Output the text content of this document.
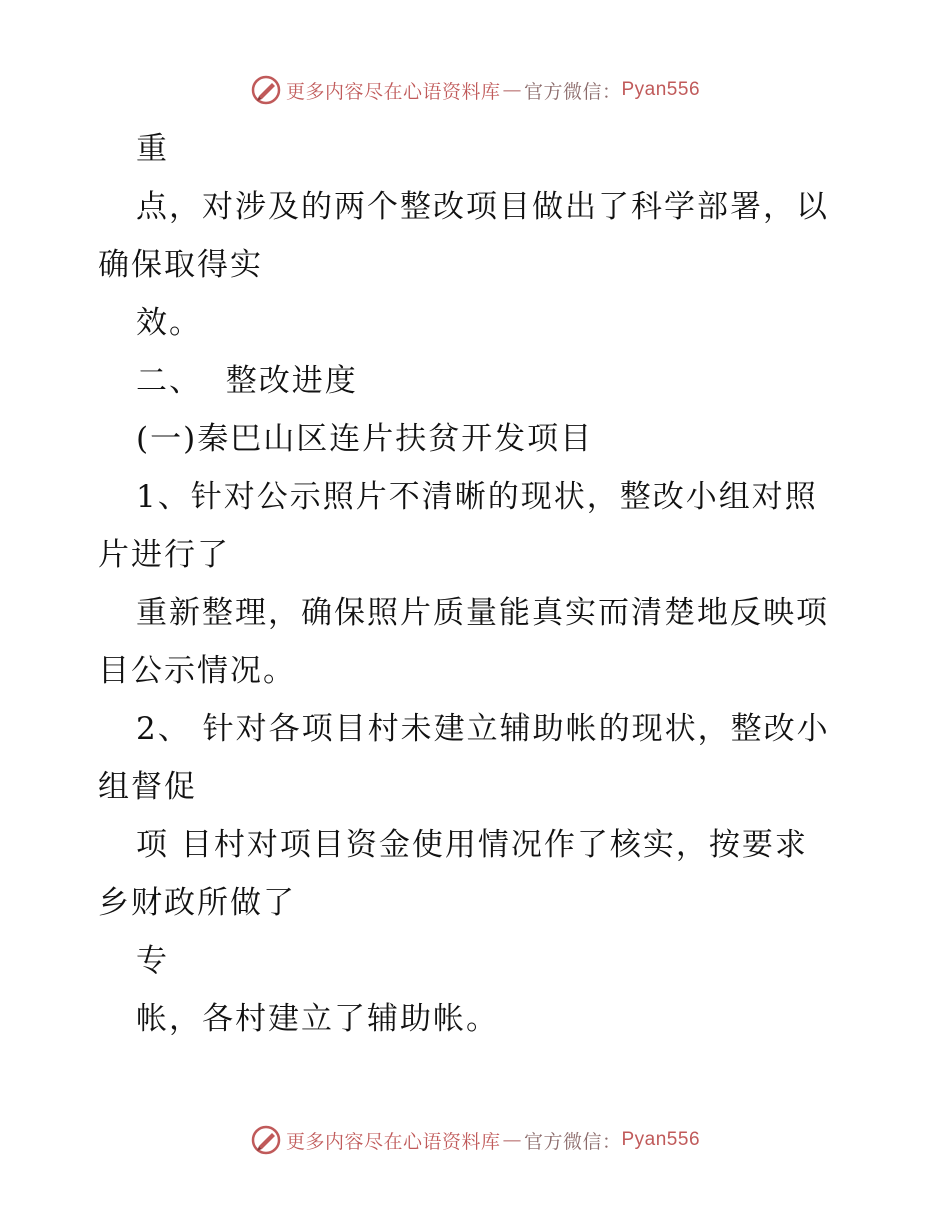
更多内容尽在心语资料库 — 官方微信： Pyan556
重
点，对涉及的两个整改项目做出了科学部署，以
确保取得实
效。
二、  整改进度
(一)秦巴山区连片扶贫开发项目
1、针对公示照片不清晰的现状，整改小组对照
片进行了
重新整理，确保照片质量能真实而清楚地反映项
目公示情况。
2、 针对各项目村未建立辅助帐的现状，整改小
组督促
项 目村对项目资金使用情况作了核实，按要求
乡财政所做了
专
帐，各村建立了辅助帐。
更多内容尽在心语资料库 — 官方微信： Pyan556
